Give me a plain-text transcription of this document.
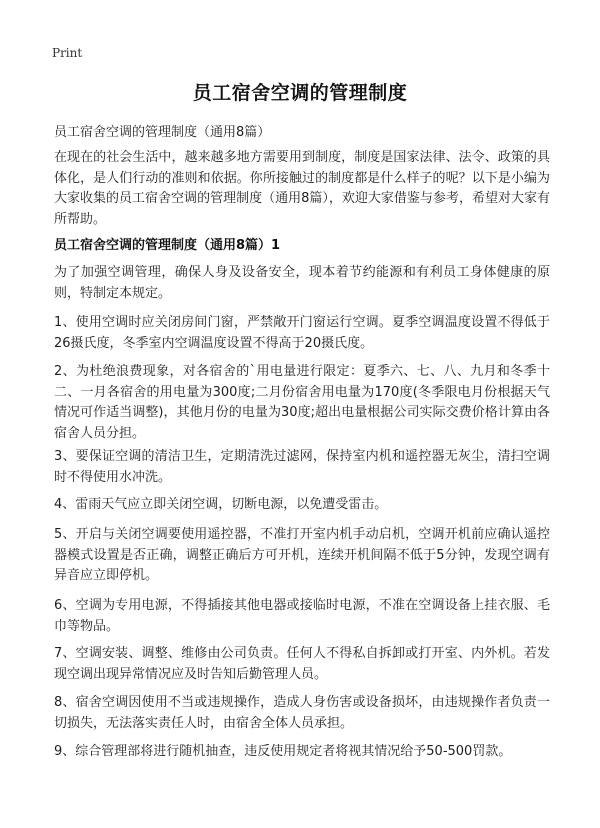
Print
员工宿舍空调的管理制度
员工宿舍空调的管理制度（通用8篇）
在现在的社会生活中，越来越多地方需要用到制度，制度是国家法律、法令、政策的具体化，是人们行动的准则和依据。你所接触过的制度都是什么样子的呢？以下是小编为大家收集的员工宿舍空调的管理制度（通用8篇），欢迎大家借鉴与参考，希望对大家有所帮助。
员工宿舍空调的管理制度（通用8篇）1
为了加强空调管理，确保人身及设备安全，现本着节约能源和有利员工身体健康的原则，特制定本规定。
1、使用空调时应关闭房间门窗，严禁敞开门窗运行空调。夏季空调温度设置不得低于26摄氏度，冬季室内空调温度设置不得高于20摄氏度。
2、为杜绝浪费现象，对各宿舍的`用电量进行限定：夏季六、七、八、九月和冬季十二、一月各宿舍的用电量为300度;二月份宿舍用电量为170度(冬季限电月份根据天气情况可作适当调整)，其他月份的电量为30度;超出电量根据公司实际交费价格计算由各宿舍人员分担。
3、要保证空调的清洁卫生，定期清洗过滤网，保持室内机和遥控器无灰尘，清扫空调时不得使用水冲洗。
4、雷雨天气应立即关闭空调，切断电源，以免遭受雷击。
5、开启与关闭空调要使用遥控器，不准打开室内机手动启机，空调开机前应确认遥控器模式设置是否正确，调整正确后方可开机，连续开机间隔不低于5分钟，发现空调有异音应立即停机。
6、空调为专用电源，不得插接其他电器或接临时电源，不准在空调设备上挂衣服、毛巾等物品。
7、空调安装、调整、维修由公司负责。任何人不得私自拆卸或打开室、内外机。若发现空调出现异常情况应及时告知后勤管理人员。
8、宿舍空调因使用不当或违规操作，造成人身伤害或设备损坏，由违规操作者负责一切损失，无法落实责任人时，由宿舍全体人员承担。
9、综合管理部将进行随机抽查，违反使用规定者将视其情况给予50-500罚款。
